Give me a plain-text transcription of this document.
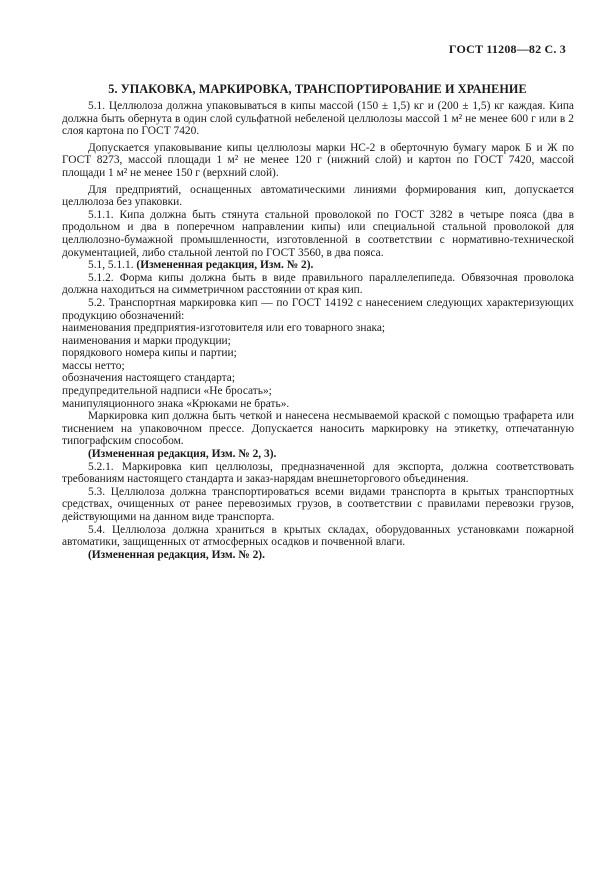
ГОСТ 11208—82 С. 3
5. УПАКОВКА, МАРКИРОВКА, ТРАНСПОРТИРОВАНИЕ И ХРАНЕНИЕ

5.1. Целлюлоза должна упаковываться в кипы массой (150 ± 1,5) кг и (200 ± 1,5) кг каждая. Кипа должна быть обернута в один слой сульфатной небеленой целлюлозы массой 1 м² не менее 600 г или в 2 слоя картона по ГОСТ 7420.

Допускается упаковывание кипы целлюлозы марки НС-2 в оберточную бумагу марок Б и Ж по ГОСТ 8273, массой площади 1 м² не менее 120 г (нижний слой) и картон по ГОСТ 7420, массой площади 1 м² не менее 150 г (верхний слой).

Для предприятий, оснащенных автоматическими линиями формирования кип, допускается целлюлоза без упаковки.

5.1.1. Кипа должна быть стянута стальной проволокой по ГОСТ 3282 в четыре пояса (два в продольном и два в поперечном направлении кипы) или специальной стальной проволокой для целлюлозно-бумажной промышленности, изготовленной в соответствии с нормативно-технической документацией, либо стальной лентой по ГОСТ 3560, в два пояса.

5.1, 5.1.1. (Измененная редакция, Изм. № 2).

5.1.2. Форма кипы должна быть в виде правильного параллелепипеда. Обвязочная проволока должна находиться на симметричном расстоянии от края кип.

5.2. Транспортная маркировка кип — по ГОСТ 14192 с нанесением следующих характеризующих продукцию обозначений:

наименования предприятия-изготовителя или его товарного знака;

наименования и марки продукции;

порядкового номера кипы и партии;

массы нетто;

обозначения настоящего стандарта;

предупредительной надписи «Не бросать»;

манипуляционного знака «Крюками не брать».

Маркировка кип должна быть четкой и нанесена несмываемой краской с помощью трафарета или тиснением на упаковочном прессе. Допускается наносить маркировку на этикетку, отпечатанную типографским способом.

(Измененная редакция, Изм. № 2, 3).

5.2.1. Маркировка кип целлюлозы, предназначенной для экспорта, должна соответствовать требованиям настоящего стандарта и заказ-нарядам внешнеторгового объединения.

5.3. Целлюлоза должна транспортироваться всеми видами транспорта в крытых транспортных средствах, очищенных от ранее перевозимых грузов, в соответствии с правилами перевозки грузов, действующими на данном виде транспорта.

5.4. Целлюлоза должна храниться в крытых складах, оборудованных установками пожарной автоматики, защищенных от атмосферных осадков и почвенной влаги.

(Измененная редакция, Изм. № 2).
